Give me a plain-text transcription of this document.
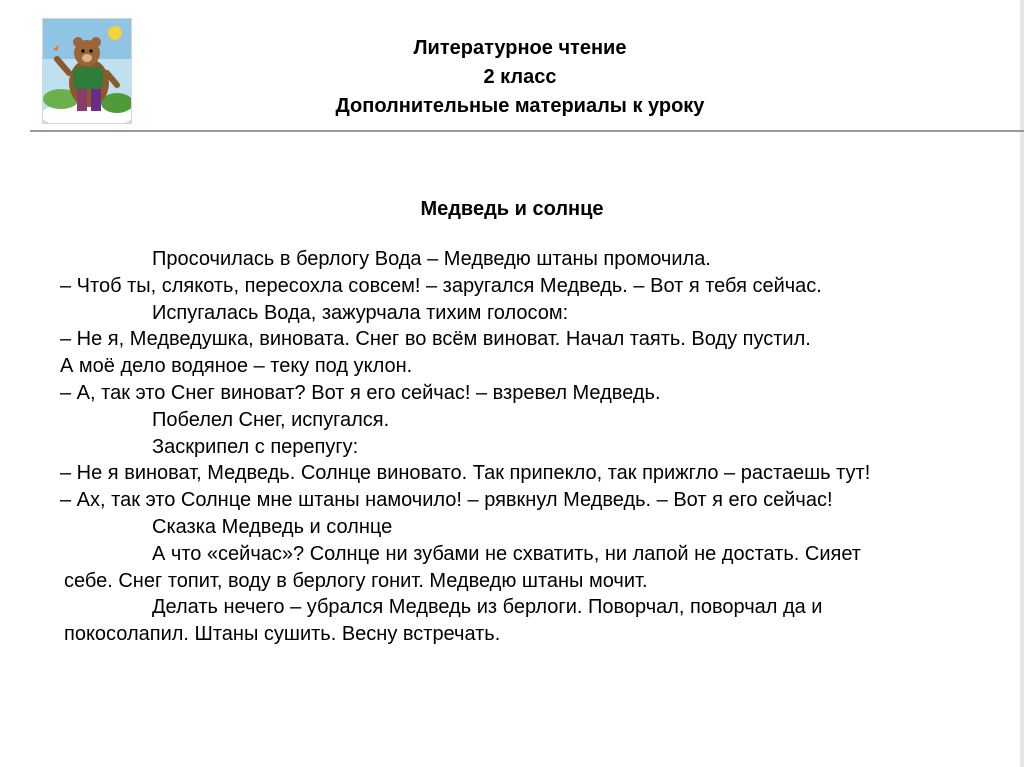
Литературное чтение
2 класс
Дополнительные материалы к уроку
Медведь и солнце
Просочилась в берлогу Вода – Медведю штаны промочила.
– Чтоб ты, слякоть, пересохла совсем! – заругался Медведь. – Вот я тебя сейчас.
Испугалась Вода, зажурчала тихим голосом:
– Не я, Медведушка, виновата. Снег во всём виноват. Начал таять. Воду пустил.
А моё дело водяное – теку под уклон.
– А, так это Снег виноват? Вот я его сейчас! – взревел Медведь.
Побелел Снег, испугался.
Заскрипел с перепугу:
– Не я виноват, Медведь. Солнце виновато. Так припекло, так прижгло – растаешь тут!
– Ах, так это Солнце мне штаны намочило! – рявкнул Медведь. – Вот я его сейчас!
Сказка Медведь и солнце
А что «сейчас»? Солнце ни зубами не схватить, ни лапой не достать. Сияет
себе. Снег топит, воду в берлогу гонит. Медведю штаны мочит.
Делать нечего – убрался Медведь из берлоги. Поворчал, поворчал да и
покосолапил. Штаны сушить. Весну встречать.
